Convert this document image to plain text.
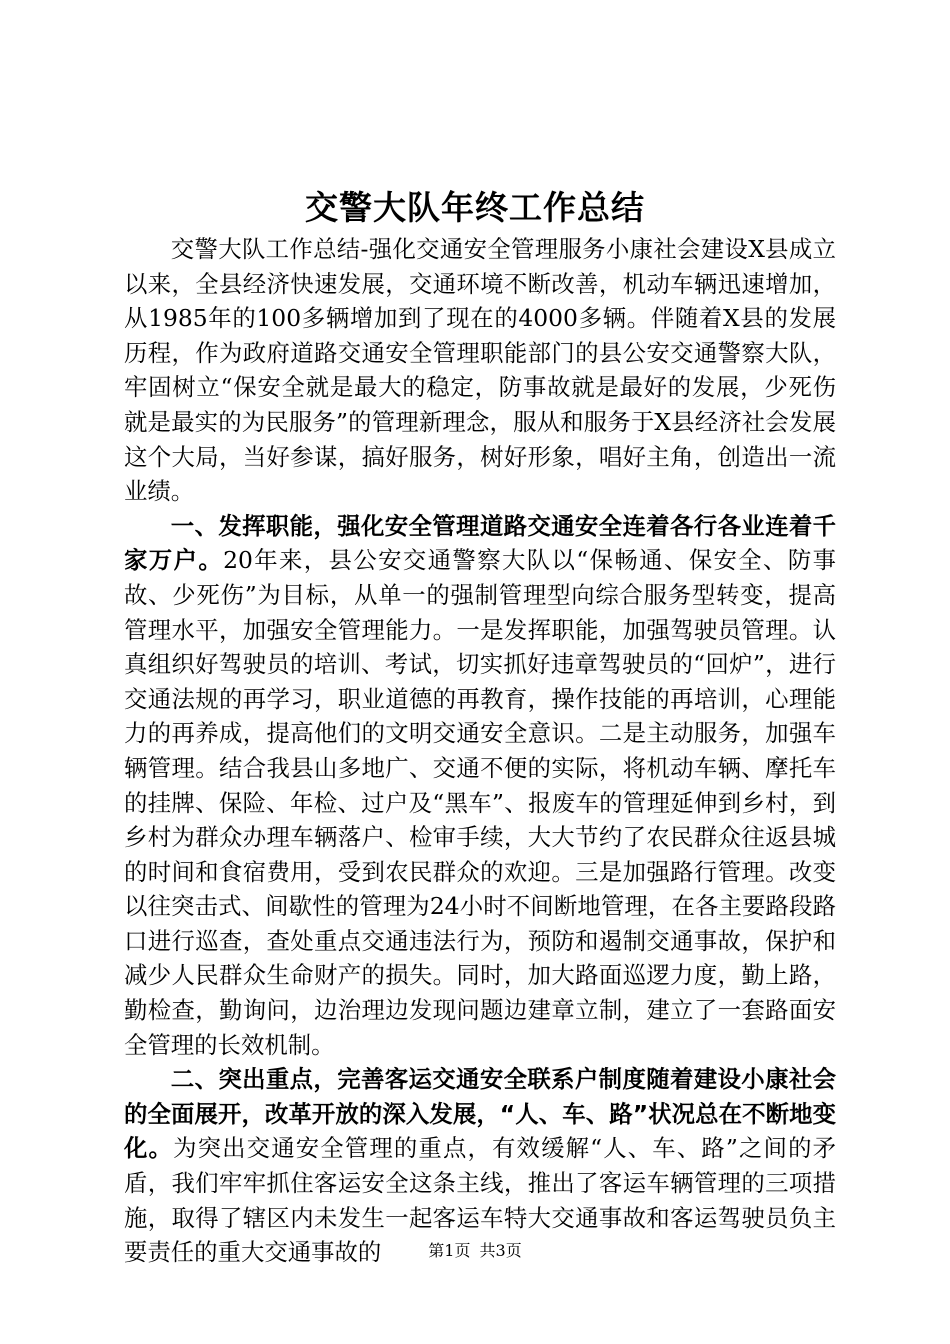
交警大队年终工作总结

交警大队工作总结-强化交通安全管理服务小康社会建设X县成立以来，全县经济快速发展，交通环境不断改善，机动车辆迅速增加，从1985年的100多辆增加到了现在的4000多辆。伴随着X县的发展历程，作为政府道路交通安全管理职能部门的县公安交通警察大队，牢固树立“保安全就是最大的稳定，防事故就是最好的发展，少死伤就是最实的为民服务”的管理新理念，服从和服务于X县经济社会发展这个大局，当好参谋，搞好服务，树好形象，唱好主角，创造出一流业绩。

一、发挥职能，强化安全管理道路交通安全连着各行各业连着千家万户。20年来，县公安交通警察大队以“保畅通、保安全、防事故、少死伤”为目标，从单一的强制管理型向综合服务型转变，提高管理水平，加强安全管理能力。一是发挥职能，加强驾驶员管理。认真组织好驾驶员的培训、考试，切实抓好违章驾驶员的“回炉”，进行交通法规的再学习，职业道德的再教育，操作技能的再培训，心理能力的再养成，提高他们的文明交通安全意识。二是主动服务，加强车辆管理。结合我县山多地广、交通不便的实际，将机动车辆、摩托车的挂牌、保险、年检、过户及“黑车”、报废车的管理延伸到乡村，到乡村为群众办理车辆落户、检审手续，大大节约了农民群众往返县城的时间和食宿费用，受到农民群众的欢迎。三是加强路行管理。改变以往突击式、间歇性的管理为24小时不间断地管理，在各主要路段路口进行巡查，查处重点交通违法行为，预防和遏制交通事故，保护和减少人民群众生命财产的损失。同时，加大路面巡逻力度，勤上路，勤检查，勤询问，边治理边发现问题边建章立制，建立了一套路面安全管理的长效机制。

二、突出重点，完善客运交通安全联系户制度随着建设小康社会的全面展开，改革开放的深入发展，“人、车、路”状况总在不断地变化。为突出交通安全管理的重点，有效缓解“人、车、路”之间的矛盾，我们牢牢抓住客运安全这条主线，推出了客运车辆管理的三项措施，取得了辖区内未发生一起客运车特大交通事故和客运驾驶员负主要责任的重大交通事故的	第1页 共3页
